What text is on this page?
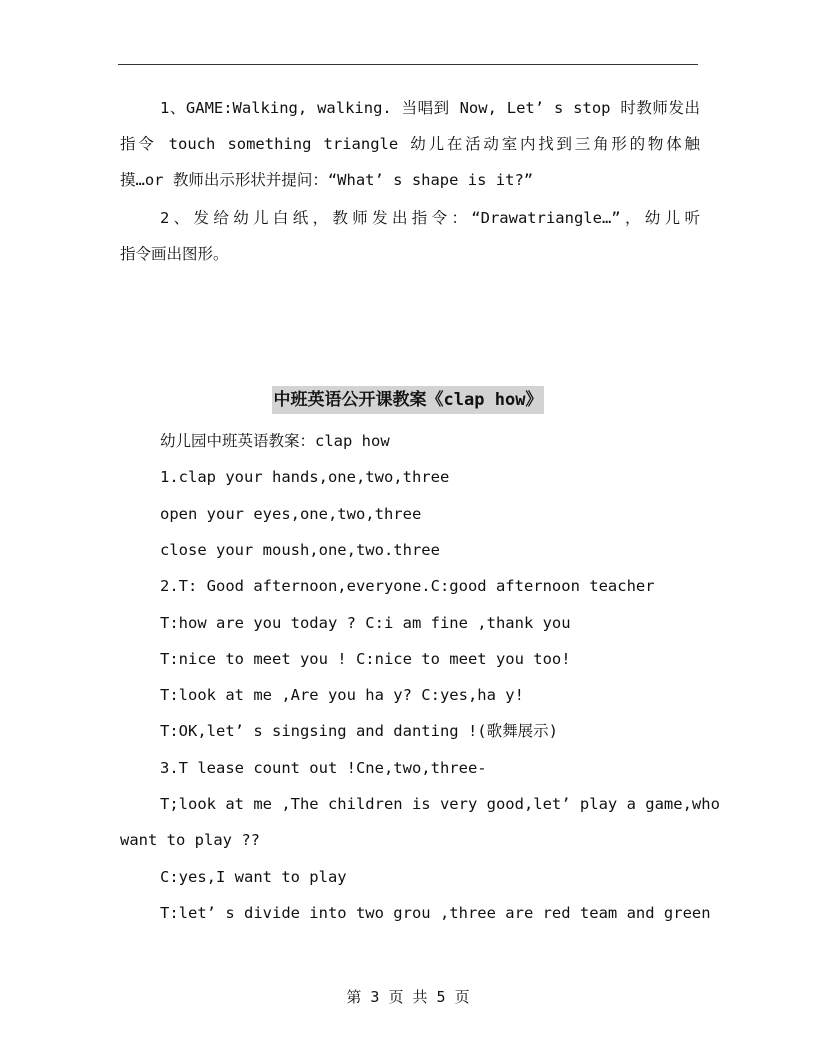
1、GAME:Walking, walking. 当唱到 Now, Let’ s stop 时教师发出
指令 touch something triangle 幼儿在活动室内找到三角形的物体触
摸…or 教师出示形状并提问：“What’ s shape is it?”
2、发给幼儿白纸，教师发出指令：“Drawatriangle…”，幼儿听
指令画出图形。
中班英语公开课教案《clap how》
幼儿园中班英语教案：clap how
1.clap your hands,one,two,three
open your eyes,one,two,three
close your moush,one,two.three
2.T: Good afternoon,everyone.C:good afternoon teacher
T:how are you today ? C:i am fine ,thank you
T:nice to meet you ! C:nice to meet you too!
T:look at me ,Are you ha y? C:yes,ha y!
T:OK,let’ s singsing and danting !(歌舞展示)
3.T lease count out !Cne,two,three-
T;look at me ,The children is very good,let’ play a game,who
want to play ??
C:yes,I want to play
T:let’ s divide into two grou ,three are red team and green
第 3 页 共 5 页
